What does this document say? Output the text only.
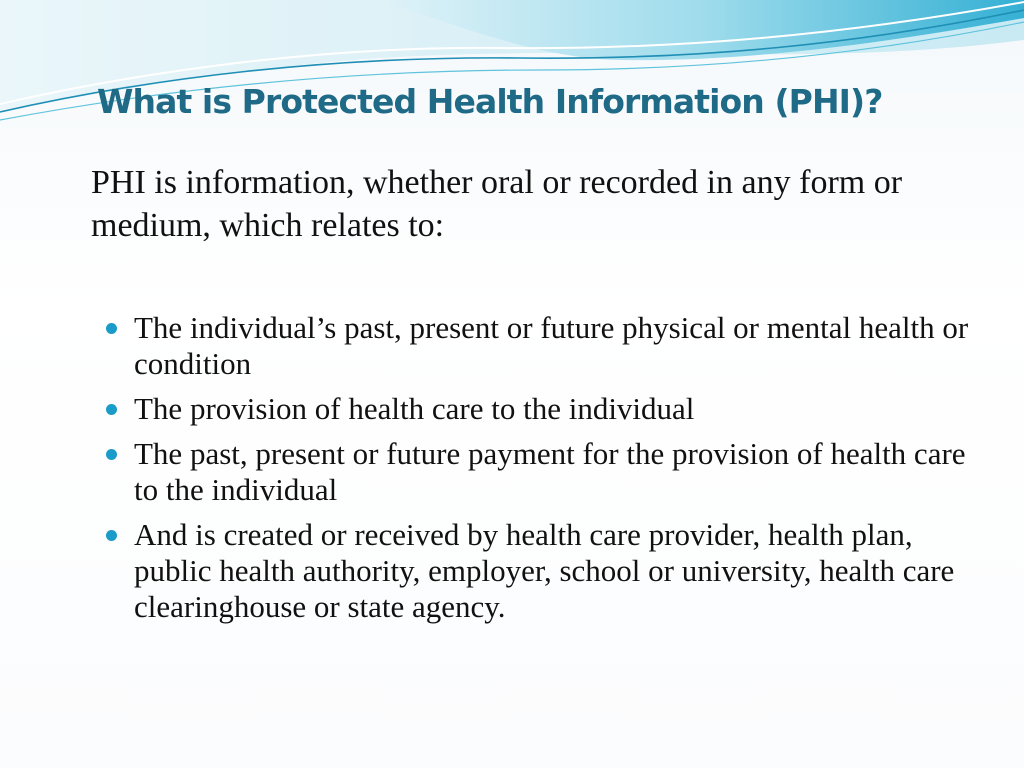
What is Protected Health Information (PHI)?

PHI is information, whether oral or recorded in any form or medium, which relates to:

The individual’s past, present or future physical or mental health or condition
The provision of health care to the individual
The past, present or future payment for the provision of health care to the individual
And is created or received by health care provider, health plan, public health authority, employer, school or university, health care clearinghouse or state agency.
